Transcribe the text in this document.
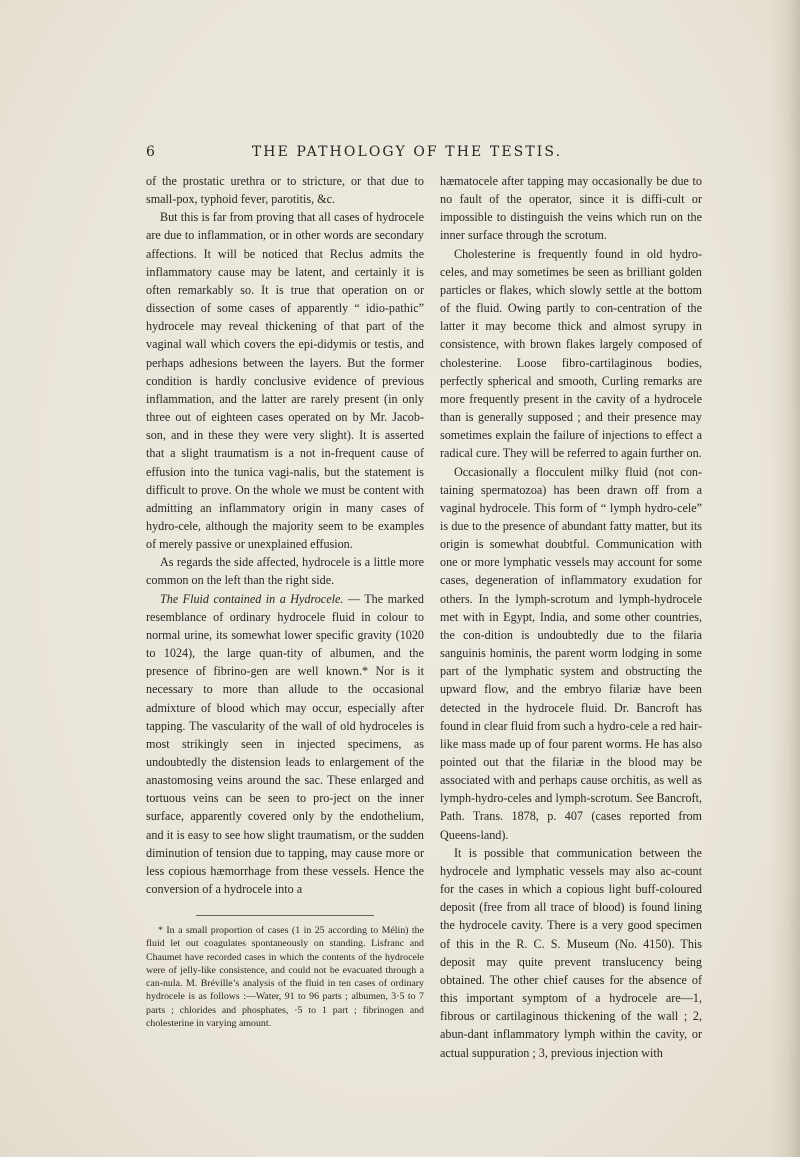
6	THE PATHOLOGY OF THE TESTIS.

of the prostatic urethra or to stricture, or that due to small-pox, typhoid fever, parotitis, &c.

But this is far from proving that all cases of hydrocele are due to inflammation, or in other words are secondary affections. It will be noticed that Reclus admits the inflammatory cause may be latent, and certainly it is often remarkably so. It is true that operation on or dissection of some cases of apparently “ idio-pathic” hydrocele may reveal thickening of that part of the vaginal wall which covers the epi-didymis or testis, and perhaps adhesions between the layers. But the former condition is hardly conclusive evidence of previous inflammation, and the latter are rarely present (in only three out of eighteen cases operated on by Mr. Jacob-son, and in these they were very slight). It is asserted that a slight traumatism is a not in-frequent cause of effusion into the tunica vagi-nalis, but the statement is difficult to prove. On the whole we must be content with admitting an inflammatory origin in many cases of hydro-cele, although the majority seem to be examples of merely passive or unexplained effusion.

As regards the side affected, hydrocele is a little more common on the left than the right side.

The Fluid contained in a Hydrocele. — The marked resemblance of ordinary hydrocele fluid in colour to normal urine, its somewhat lower specific gravity (1020 to 1024), the large quan-tity of albumen, and the presence of fibrino-gen are well known.* Nor is it necessary to more than allude to the occasional admixture of blood which may occur, especially after tapping. The vascularity of the wall of old hydroceles is most strikingly seen in injected specimens, as undoubtedly the distension leads to enlargement of the anastomosing veins around the sac. These enlarged and tortuous veins can be seen to pro-ject on the inner surface, apparently covered only by the endothelium, and it is easy to see how slight traumatism, or the sudden diminution of tension due to tapping, may cause more or less copious hæmorrhage from these vessels. Hence the conversion of a hydrocele into a

* In a small proportion of cases (1 in 25 according to Mélin) the fluid let out coagulates spontaneously on standing. Lisfranc and Chaumet have recorded cases in which the contents of the hydrocele were of jelly-like consistence, and could not be evacuated through a can-nula. M. Bréville’s analysis of the fluid in ten cases of ordinary hydrocele is as follows :—Water, 91 to 96 parts ; albumen, 3·5 to 7 parts ; chlorides and phosphates, ·5 to 1 part ; fibrinogen and cholesterine in varying amount.

hæmatocele after tapping may occasionally be due to no fault of the operator, since it is diffi-cult or impossible to distinguish the veins which run on the inner surface through the scrotum.

Cholesterine is frequently found in old hydro-celes, and may sometimes be seen as brilliant golden particles or flakes, which slowly settle at the bottom of the fluid. Owing partly to con-centration of the latter it may become thick and almost syrupy in consistence, with brown flakes largely composed of cholesterine. Loose fibro-cartilaginous bodies, perfectly spherical and smooth, Curling remarks are more frequently present in the cavity of a hydrocele than is generally supposed ; and their presence may sometimes explain the failure of injections to effect a radical cure. They will be referred to again further on.

Occasionally a flocculent milky fluid (not con-taining spermatozoa) has been drawn off from a vaginal hydrocele. This form of “ lymph hydro-cele” is due to the presence of abundant fatty matter, but its origin is somewhat doubtful. Communication with one or more lymphatic vessels may account for some cases, degeneration of inflammatory exudation for others. In the lymph-scrotum and lymph-hydrocele met with in Egypt, India, and some other countries, the con-dition is undoubtedly due to the filaria sanguinis hominis, the parent worm lodging in some part of the lymphatic system and obstructing the upward flow, and the embryo filariæ have been detected in the hydrocele fluid. Dr. Bancroft has found in clear fluid from such a hydro-cele a red hair-like mass made up of four parent worms. He has also pointed out that the filariæ in the blood may be associated with and perhaps cause orchitis, as well as lymph-hydro-celes and lymph-scrotum. See Bancroft, Path. Trans. 1878, p. 407 (cases reported from Queens-land).

It is possible that communication between the hydrocele and lymphatic vessels may also ac-count for the cases in which a copious light buff-coloured deposit (free from all trace of blood) is found lining the hydrocele cavity. There is a very good specimen of this in the R. C. S. Museum (No. 4150). This deposit may quite prevent translucency being obtained. The other chief causes for the absence of this important symptom of a hydrocele are—1, fibrous or cartilaginous thickening of the wall ; 2, abun-dant inflammatory lymph within the cavity, or actual suppuration ; 3, previous injection with
